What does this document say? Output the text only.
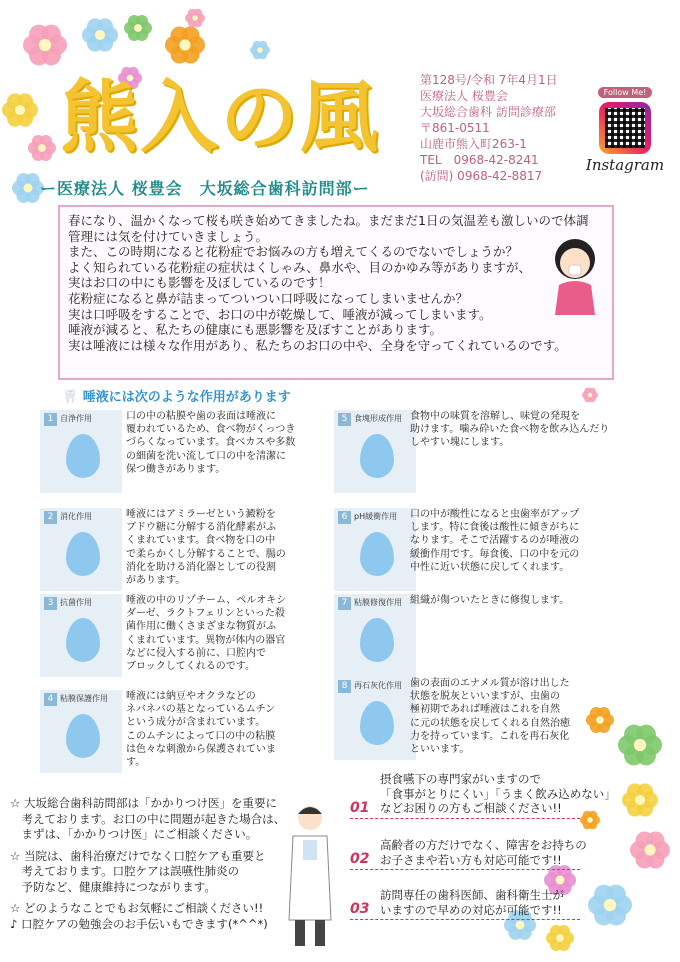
熊入の風
ー医療法人 桜豊会　大坂総合歯科訪問部ー
第128号/令和 7年4月1日
医療法人 桜豊会
大坂総合歯科 訪問診療部
〒861-0511
山鹿市熊入町263-1
TEL　0968-42-8241
(訪問) 0968-42-8817
Follow Me!
Instagram

春になり、温かくなって桜も咲き始めてきましたね。まだまだ1日の気温差も激しいので体調

管理には気を付けていきましょう。

また、この時期になると花粉症でお悩みの方も増えてくるのでないでしょうか？

よく知られている花粉症の症状はくしゃみ、鼻水や、目のかゆみ等がありますが、

実はお口の中にも影響を及ぼしているのです！

花粉症になると鼻が詰まってついつい口呼吸になってしまいませんか？

実は口呼吸をすることで、お口の中が乾燥して、唾液が減ってしまいます。

唾液が減ると、私たちの健康にも悪影響を及ぼすことがあります。

実は唾液には様々な作用があり、私たちのお口の中や、全身を守ってくれているのです。

🦷 唾液には次のような作用があります
1 自浄作用	口の中の粘膜や歯の表面は唾液に
覆われているため、食べ物がくっつき
づらくなっています。食べカスや多数
の細菌を洗い流して口の中を清潔に
保つ働きがあります。
5 食塊形成作用 食物中の味質を溶解し、味覚の発現を
助けます。噛み砕いた食べ物を飲み込んだり
しやすい塊にします。
2 消化作用	唾液にはアミラーゼという澱粉を
ブドウ糖に分解する消化酵素がふ
くまれています。食べ物を口の中
で柔らかくし分解することで、腸の
消化を助ける消化器としての役割
があります。
6 pH緩衝作用 口の中が酸性になると虫歯率がアップ
します。特に食後は酸性に傾きがちに
なります。そこで活躍するのが唾液の
緩衝作用です。毎食後、口の中を元の
中性に近い状態に戻してくれます。
3 抗菌作用	唾液の中のリゾチーム、ペルオキシ
ダーゼ、ラクトフェリンといった殺
菌作用に働くさまざまな物質がふ
くまれています。異物が体内の器官
などに侵入する前に、口腔内で
ブロックしてくれるのです。
7 粘膜修復作用 組織が傷ついたときに修復します。
4 粘膜保護作用 唾液には納豆やオクラなどの
ネバネバの基となっているムチン
という成分が含まれています。
このムチンによって口の中の粘膜
は色々な刺激から保護されていま
す。
8 再石灰化作用 歯の表面のエナメル質が溶け出した
状態を脱灰といいますが、虫歯の
極初期であれば唾液はこれを自然
に元の状態を戻してくれる自然治癒
力を持っています。これを再石灰化
といいます。
☆ 大坂総合歯科訪問部は「かかりつけ医」を重要に
　考えております。お口の中に問題が起きた場合は、
　まずは、「かかりつけ医」にご相談ください。
☆ 当院は、歯科治療だけでなく口腔ケアも重要と
　考えております。口腔ケアは誤嚥性肺炎の
　予防など、健康維持につながります。
☆ どのようなことでもお気軽にご相談ください!!
♪ 口腔ケアの勉強会のお手伝いもできます(*^^*)
摂食嚥下の専門家がいますので
「食事がとりにくい」「うまく飲み込めない」
などお困りの方もご相談ください!!
01
高齢者の方だけでなく、障害をお持ちの
お子さまや若い方も対応可能です!!
02
訪問専任の歯科医師、歯科衛生士が
いますので早めの対応が可能です!!
03
